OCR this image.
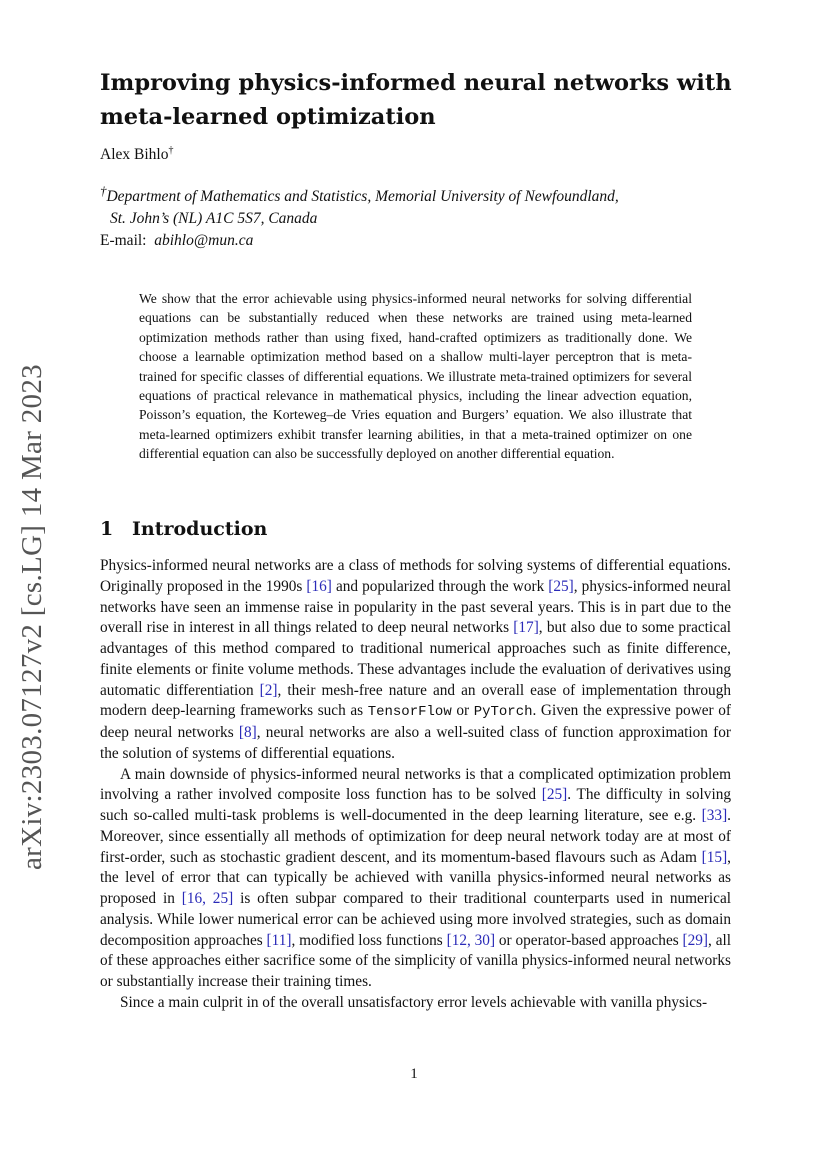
arXiv:2303.07127v2 [cs.LG] 14 Mar 2023
Improving physics-informed neural networks with meta-learned optimization
Alex Bihlo†
†Department of Mathematics and Statistics, Memorial University of Newfoundland,
St. John’s (NL) A1C 5S7, Canada
E-mail: abihlo@mun.ca

We show that the error achievable using physics-informed neural networks for solving differential equations can be substantially reduced when these networks are trained using meta-learned optimization methods rather than using fixed, hand-crafted optimizers as traditionally done. We choose a learnable optimization method based on a shallow multi-layer perceptron that is meta-trained for specific classes of differential equations. We illustrate meta-trained optimizers for several equations of practical relevance in mathematical physics, including the linear advection equation, Poisson’s equation, the Korteweg–de Vries equation and Burgers’ equation. We also illustrate that meta-learned optimizers exhibit transfer learning abilities, in that a meta-trained optimizer on one differential equation can also be successfully deployed on another differential equation.

1 Introduction

Physics-informed neural networks are a class of methods for solving systems of differential equations. Originally proposed in the 1990s [16] and popularized through the work [25], physics-informed neural networks have seen an immense raise in popularity in the past several years. This is in part due to the overall rise in interest in all things related to deep neural networks [17], but also due to some practical advantages of this method compared to traditional numerical approaches such as finite difference, finite elements or finite volume methods. These advantages include the evaluation of derivatives using automatic differentiation [2], their mesh-free nature and an overall ease of implementation through modern deep-learning frameworks such as TensorFlow or PyTorch. Given the expressive power of deep neural networks [8], neural networks are also a well-suited class of function approximation for the solution of systems of differential equations.

A main downside of physics-informed neural networks is that a complicated optimization problem involving a rather involved composite loss function has to be solved [25]. The difficulty in solving such so-called multi-task problems is well-documented in the deep learning literature, see e.g. [33]. Moreover, since essentially all methods of optimization for deep neural network today are at most of first-order, such as stochastic gradient descent, and its momentum-based flavours such as Adam [15], the level of error that can typically be achieved with vanilla physics-informed neural networks as proposed in [16, 25] is often subpar compared to their traditional counterparts used in numerical analysis. While lower numerical error can be achieved using more involved strategies, such as domain decomposition approaches [11], modified loss functions [12, 30] or operator-based approaches [29], all of these approaches either sacrifice some of the simplicity of vanilla physics-informed neural networks or substantially increase their training times.

Since a main culprit in of the overall unsatisfactory error levels achievable with vanilla physics-

1
